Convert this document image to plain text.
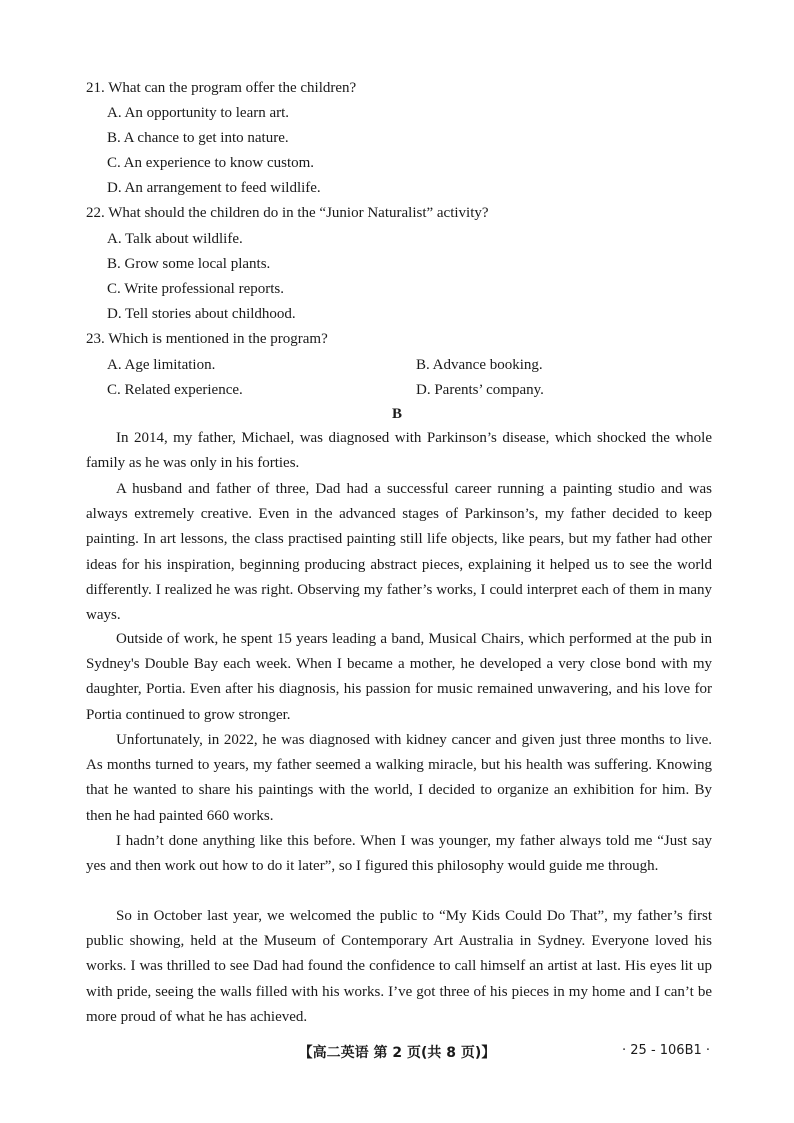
21. What can the program offer the children?
A. An opportunity to learn art.
B. A chance to get into nature.
C. An experience to know custom.
D. An arrangement to feed wildlife.
22. What should the children do in the “Junior Naturalist” activity?
A. Talk about wildlife.
B. Grow some local plants.
C. Write professional reports.
D. Tell stories about childhood.
23. Which is mentioned in the program?
A. Age limitation.	B. Advance booking.
C. Related experience.	D. Parents’ company.
B

In 2014, my father, Michael, was diagnosed with Parkinson’s disease, which shocked the whole family as he was only in his forties.

A husband and father of three, Dad had a successful career running a painting studio and was always extremely creative. Even in the advanced stages of Parkinson’s, my father decided to keep painting. In art lessons, the class practised painting still life objects, like pears, but my father had other ideas for his inspiration, beginning producing abstract pieces, explaining it helped us to see the world differently. I realized he was right. Observing my father’s works, I could interpret each of them in many ways.

Outside of work, he spent 15 years leading a band, Musical Chairs, which performed at the pub in Sydney's Double Bay each week. When I became a mother, he developed a very close bond with my daughter, Portia. Even after his diagnosis, his passion for music remained unwavering, and his love for Portia continued to grow stronger.

Unfortunately, in 2022, he was diagnosed with kidney cancer and given just three months to live. As months turned to years, my father seemed a walking miracle, but his health was suffering. Knowing that he wanted to share his paintings with the world, I decided to organize an exhibition for him. By then he had painted 660 works.

I hadn’t done anything like this before. When I was younger, my father always told me “Just say yes and then work out how to do it later”, so I figured this philosophy would guide me through.

So in October last year, we welcomed the public to “My Kids Could Do That”, my father’s first public showing, held at the Museum of Contemporary Art Australia in Sydney. Everyone loved his works. I was thrilled to see Dad had found the confidence to call himself an artist at last. His eyes lit up with pride, seeing the walls filled with his works. I’ve got three of his pieces in my home and I can’t be more proud of what he has achieved.

【高二英语 第 2 页(共 8 页)】	· 25 - 106B1 ·
